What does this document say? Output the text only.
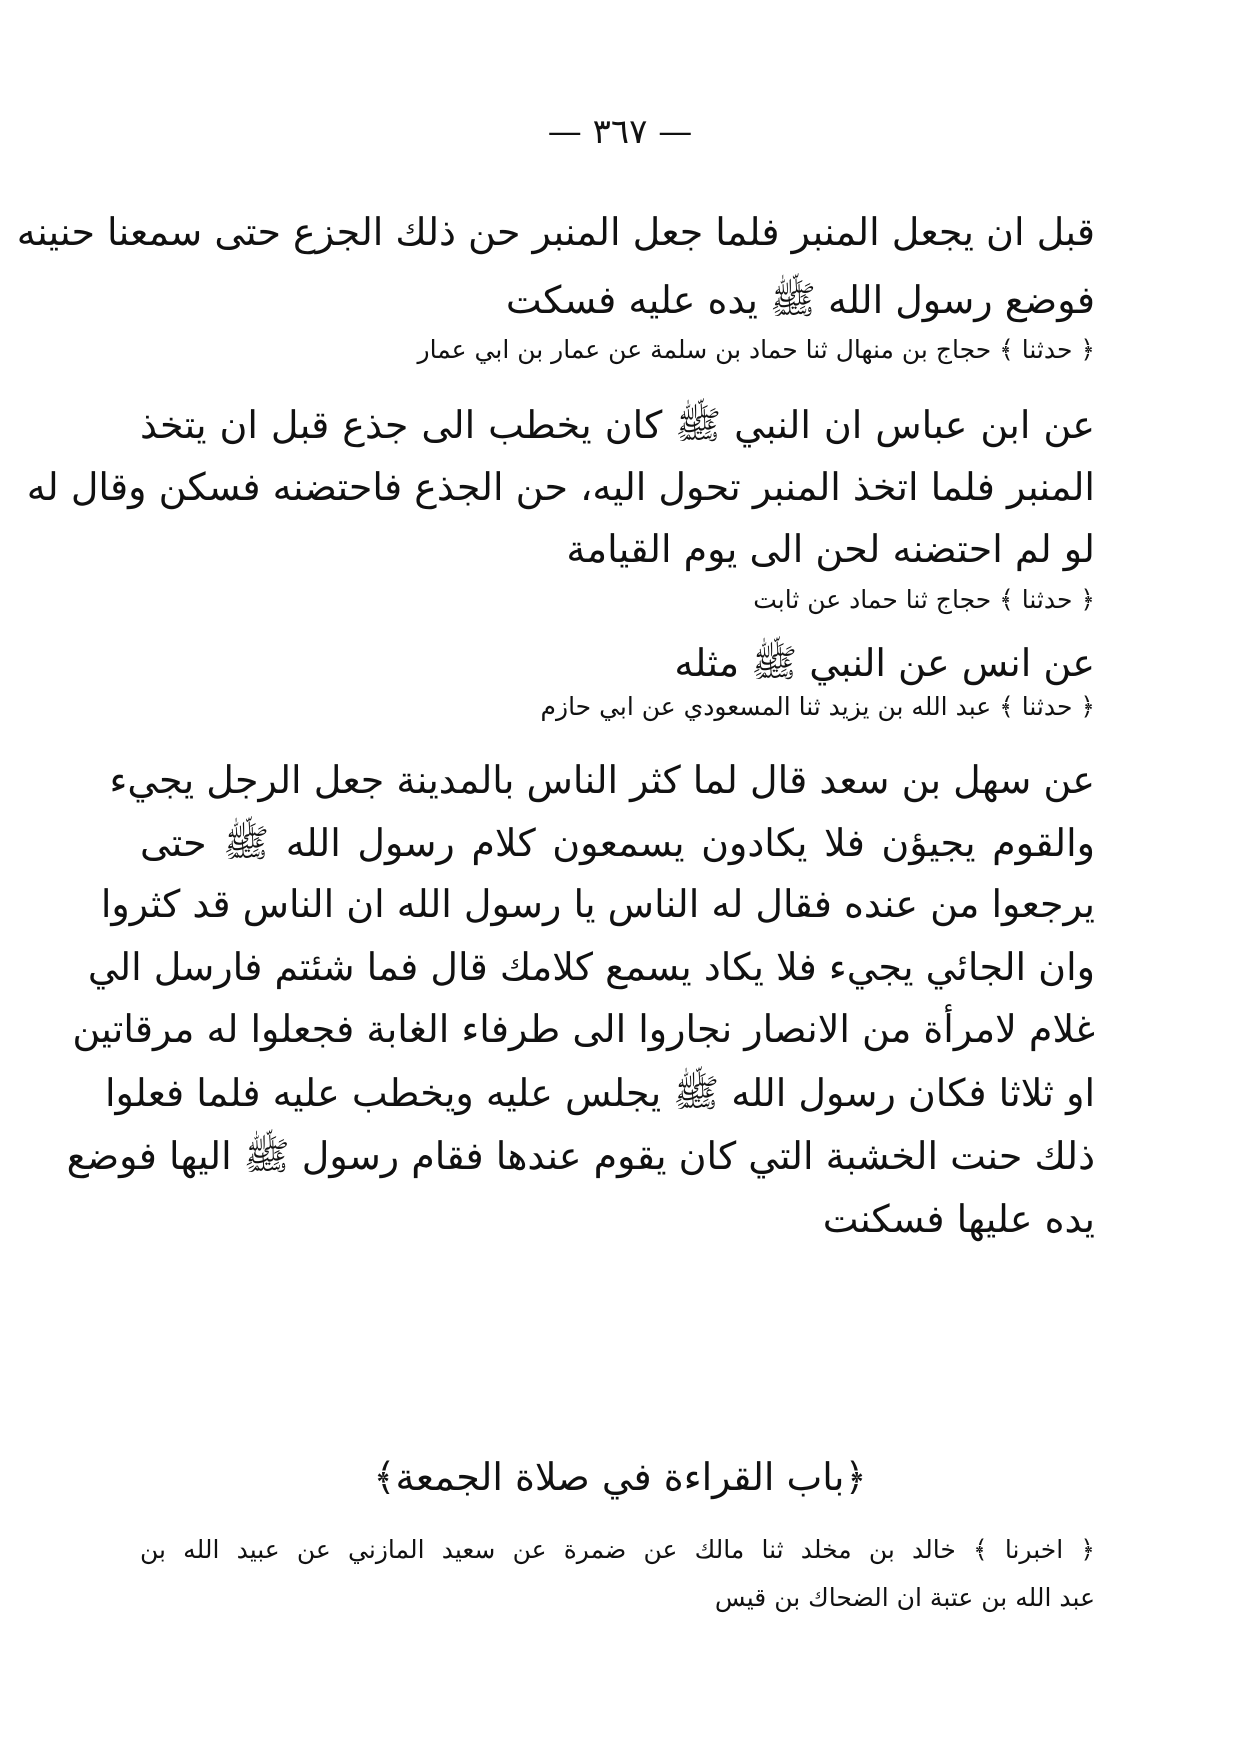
— ٣٦٧ —
قبل ان يجعل المنبر فلما جعل المنبر حن ذلك الجزع حتى سمعنا حنينه
فوضع رسول الله ﷺ يده عليه فسكت
﴿ حدثنا ﴾ حجاج بن منهال ثنا حماد بن سلمة عن عمار بن ابي عمار
عن ابن عباس ان النبي ﷺ كان يخطب الى جذع قبل ان يتخذ
المنبر فلما اتخذ المنبر تحول اليه، حن الجذع فاحتضنه فسكن وقال له
لو لم احتضنه لحن الى يوم القيامة
﴿ حدثنا ﴾ حجاج ثنا حماد عن ثابت
عن انس عن النبي ﷺ مثله
﴿ حدثنا ﴾ عبد الله بن يزيد ثنا المسعودي عن ابي حازم
عن سهل بن سعد قال لما كثر الناس بالمدينة جعل الرجل يجيء
والقوم يجيؤن فلا يكادون يسمعون كلام رسول الله ﷺ حتى
يرجعوا من عنده فقال له الناس يا رسول الله ان الناس قد كثروا
وان الجائي يجيء فلا يكاد يسمع كلامك قال فما شئتم فارسل الي
غلام لامرأة من الانصار نجاروا الى طرفاء الغابة فجعلوا له مرقاتين
او ثلاثا فكان رسول الله ﷺ يجلس عليه ويخطب عليه فلما فعلوا
ذلك حنت الخشبة التي كان يقوم عندها فقام رسول ﷺ اليها فوضع
يده عليها فسكنت
﴿باب القراءة في صلاة الجمعة﴾
﴿ اخبرنا ﴾ خالد بن مخلد ثنا مالك عن ضمرة عن سعيد المازني عن عبيد الله بن
عبد الله بن عتبة ان الضحاك بن قيس
